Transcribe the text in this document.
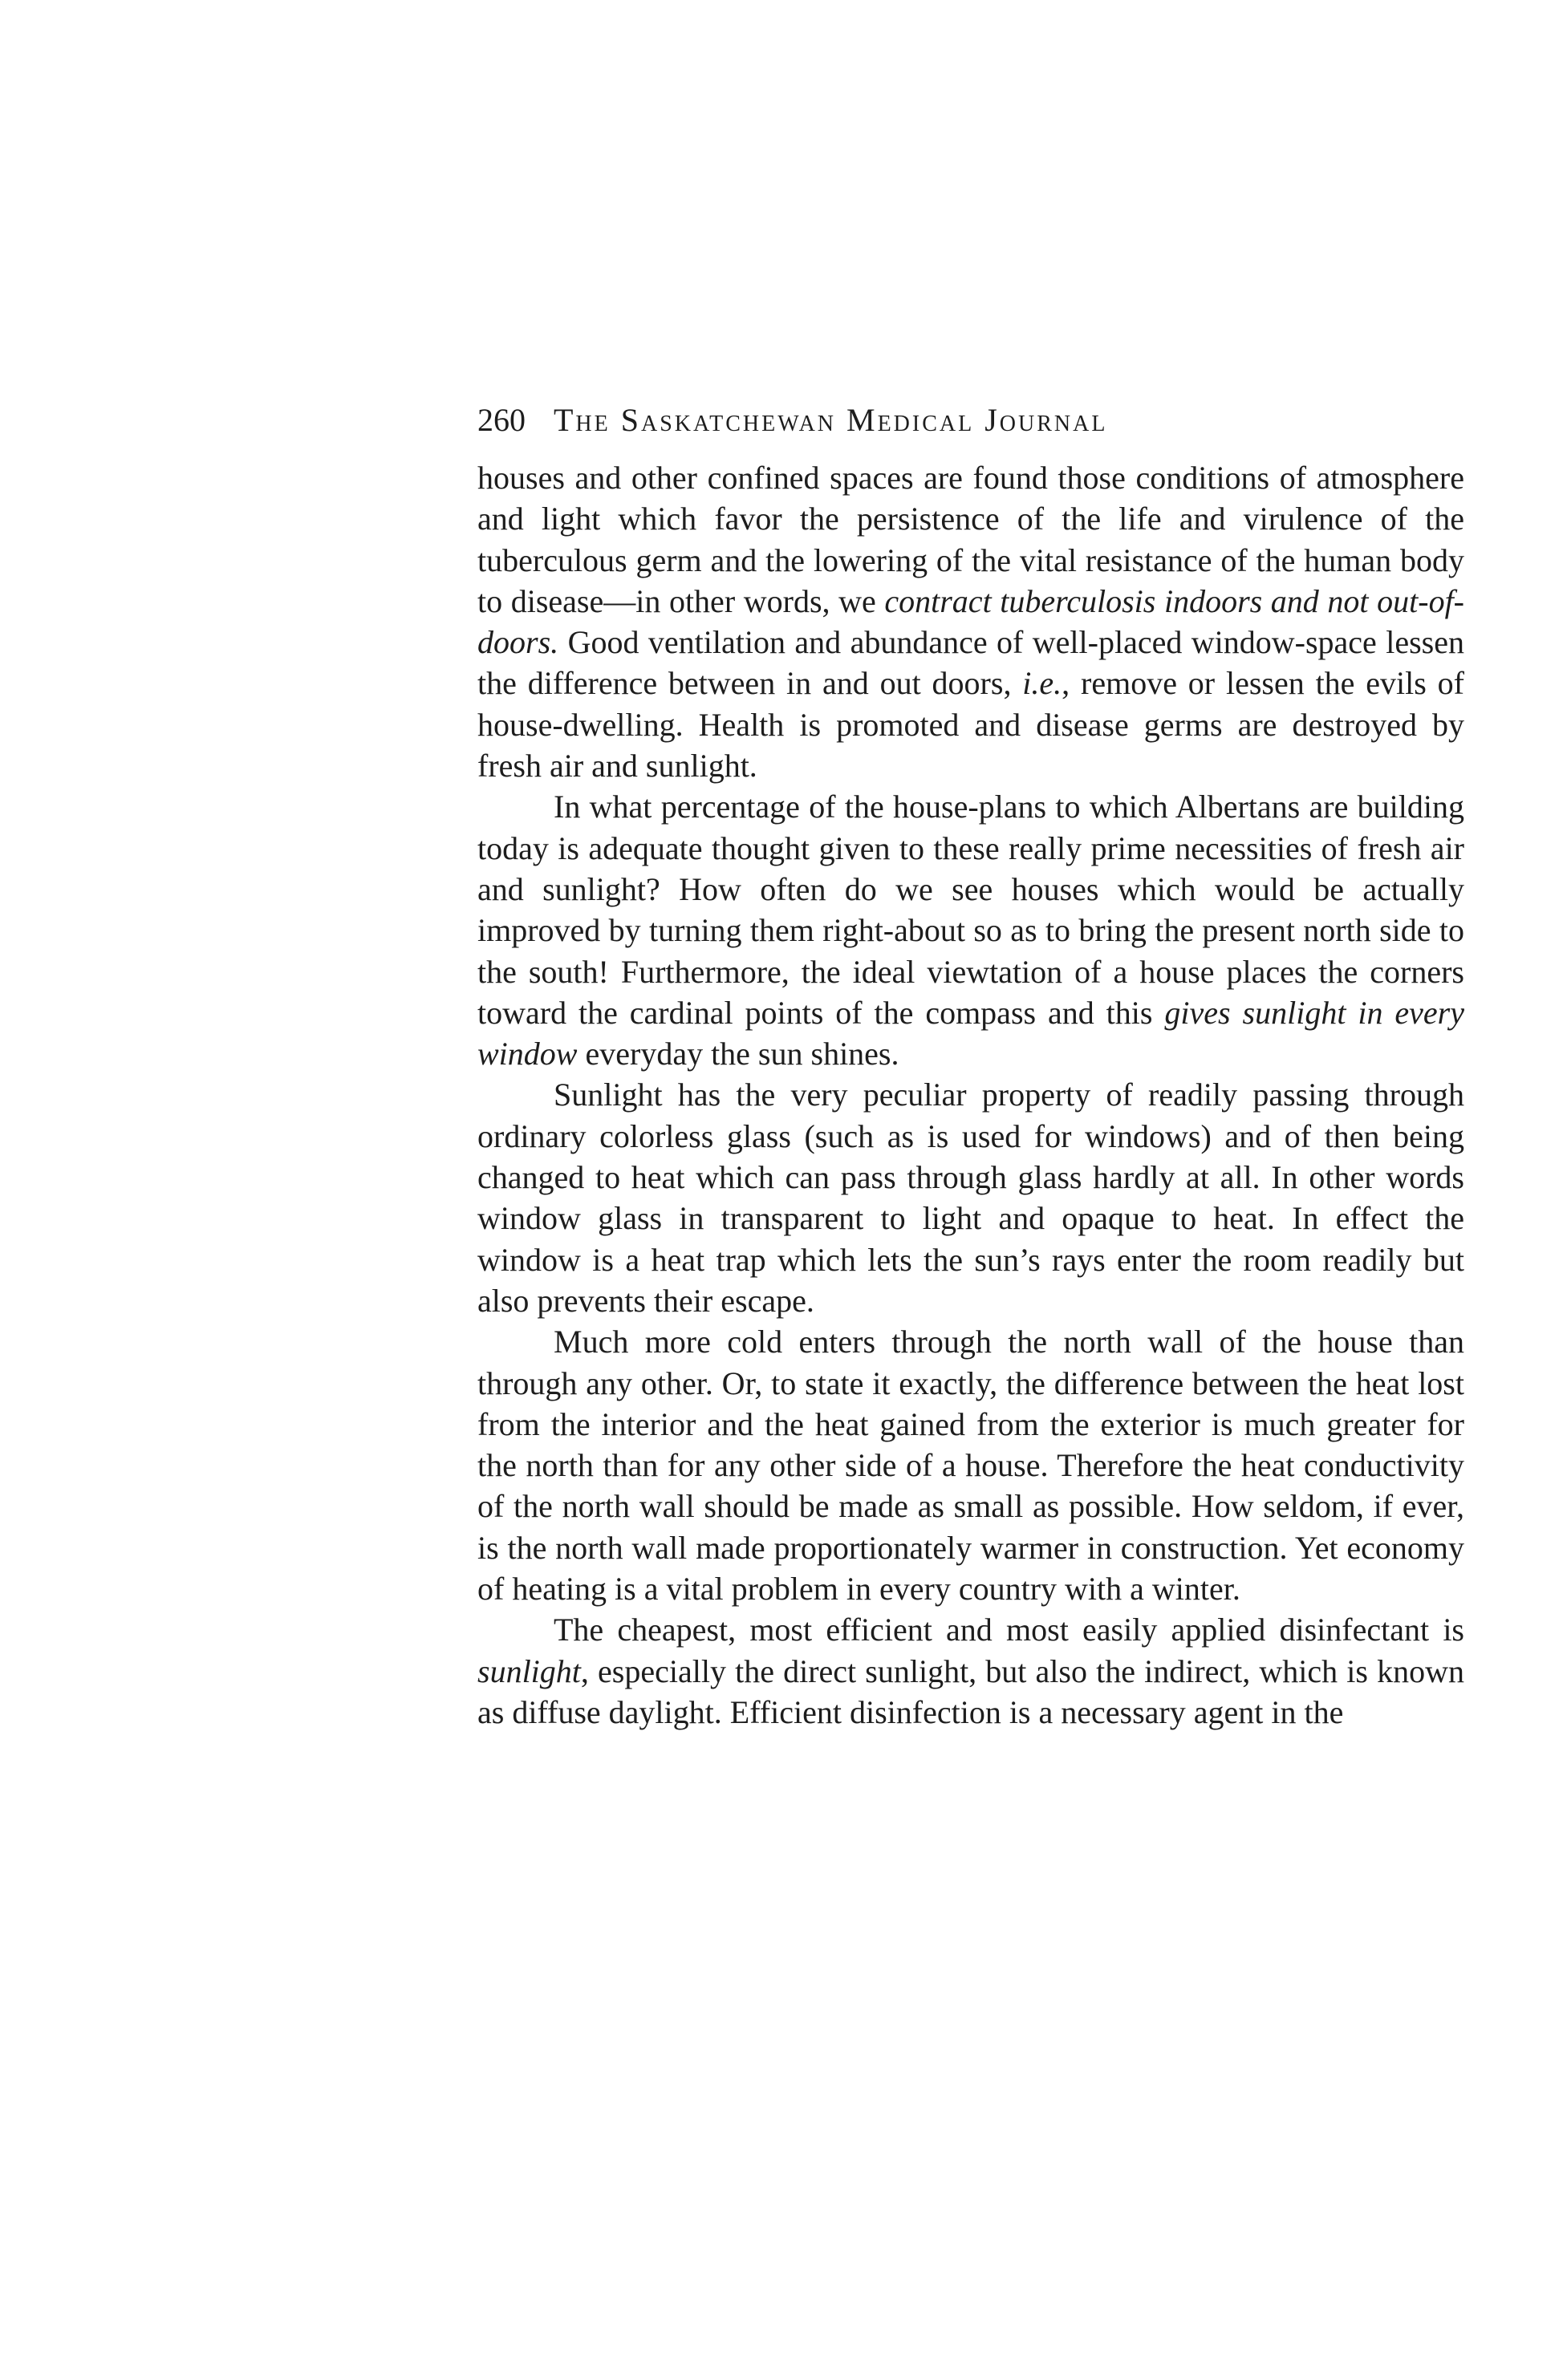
260 The Saskatchewan Medical Journal

houses and other confined spaces are found those conditions of atmosphere and light which favor the persistence of the life and virulence of the tuberculous germ and the lowering of the vital resistance of the human body to disease—in other words, we contract tuberculosis indoors and not out-of-doors. Good ventilation and abundance of well-placed window-space lessen the difference between in and out doors, i.e., remove or lessen the evils of house-dwelling. Health is promoted and disease germs are destroyed by fresh air and sunlight.

In what percentage of the house-plans to which Albertans are building today is adequate thought given to these really prime necessities of fresh air and sunlight? How often do we see houses which would be actually improved by turning them right-about so as to bring the present north side to the south! Furthermore, the ideal viewtation of a house places the corners toward the cardinal points of the compass and this gives sunlight in every window everyday the sun shines.

Sunlight has the very peculiar property of readily passing through ordinary colorless glass (such as is used for windows) and of then being changed to heat which can pass through glass hardly at all. In other words window glass in transparent to light and opaque to heat. In effect the window is a heat trap which lets the sun’s rays enter the room readily but also prevents their escape.

Much more cold enters through the north wall of the house than through any other. Or, to state it exactly, the difference between the heat lost from the interior and the heat gained from the exterior is much greater for the north than for any other side of a house. Therefore the heat conductivity of the north wall should be made as small as possible. How seldom, if ever, is the north wall made proportionately warmer in construction. Yet economy of heating is a vital problem in every country with a winter.

The cheapest, most efficient and most easily applied disinfectant is sunlight, especially the direct sunlight, but also the indirect, which is known as diffuse daylight. Efficient disinfection is a necessary agent in the
